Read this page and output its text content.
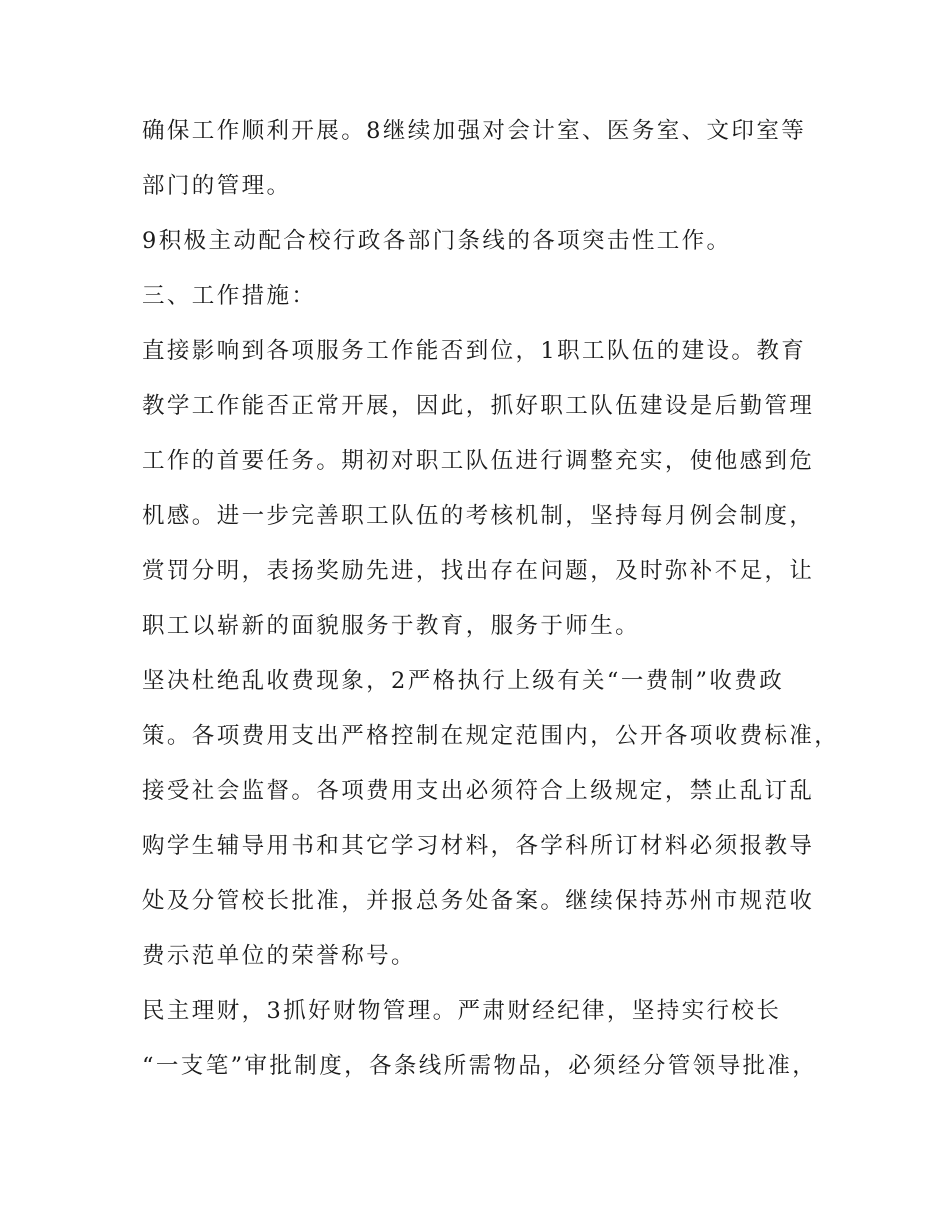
确保工作顺利开展。8继续加强对会计室、医务室、文印室等
部门的管理。
9积极主动配合校行政各部门条线的各项突击性工作。
三、工作措施：
直接影响到各项服务工作能否到位，1职工队伍的建设。教育
教学工作能否正常开展，因此，抓好职工队伍建设是后勤管理
工作的首要任务。期初对职工队伍进行调整充实，使他感到危
机感。进一步完善职工队伍的考核机制，坚持每月例会制度，
赏罚分明，表扬奖励先进，找出存在问题，及时弥补不足，让
职工以崭新的面貌服务于教育，服务于师生。
坚决杜绝乱收费现象，2严格执行上级有关“一费制”收费政
策。各项费用支出严格控制在规定范围内，公开各项收费标准，
接受社会监督。各项费用支出必须符合上级规定，禁止乱订乱
购学生辅导用书和其它学习材料，各学科所订材料必须报教导
处及分管校长批准，并报总务处备案。继续保持苏州市规范收
费示范单位的荣誉称号。
民主理财，3抓好财物管理。严肃财经纪律，坚持实行校长
“一支笔”审批制度，各条线所需物品，必须经分管领导批准，
